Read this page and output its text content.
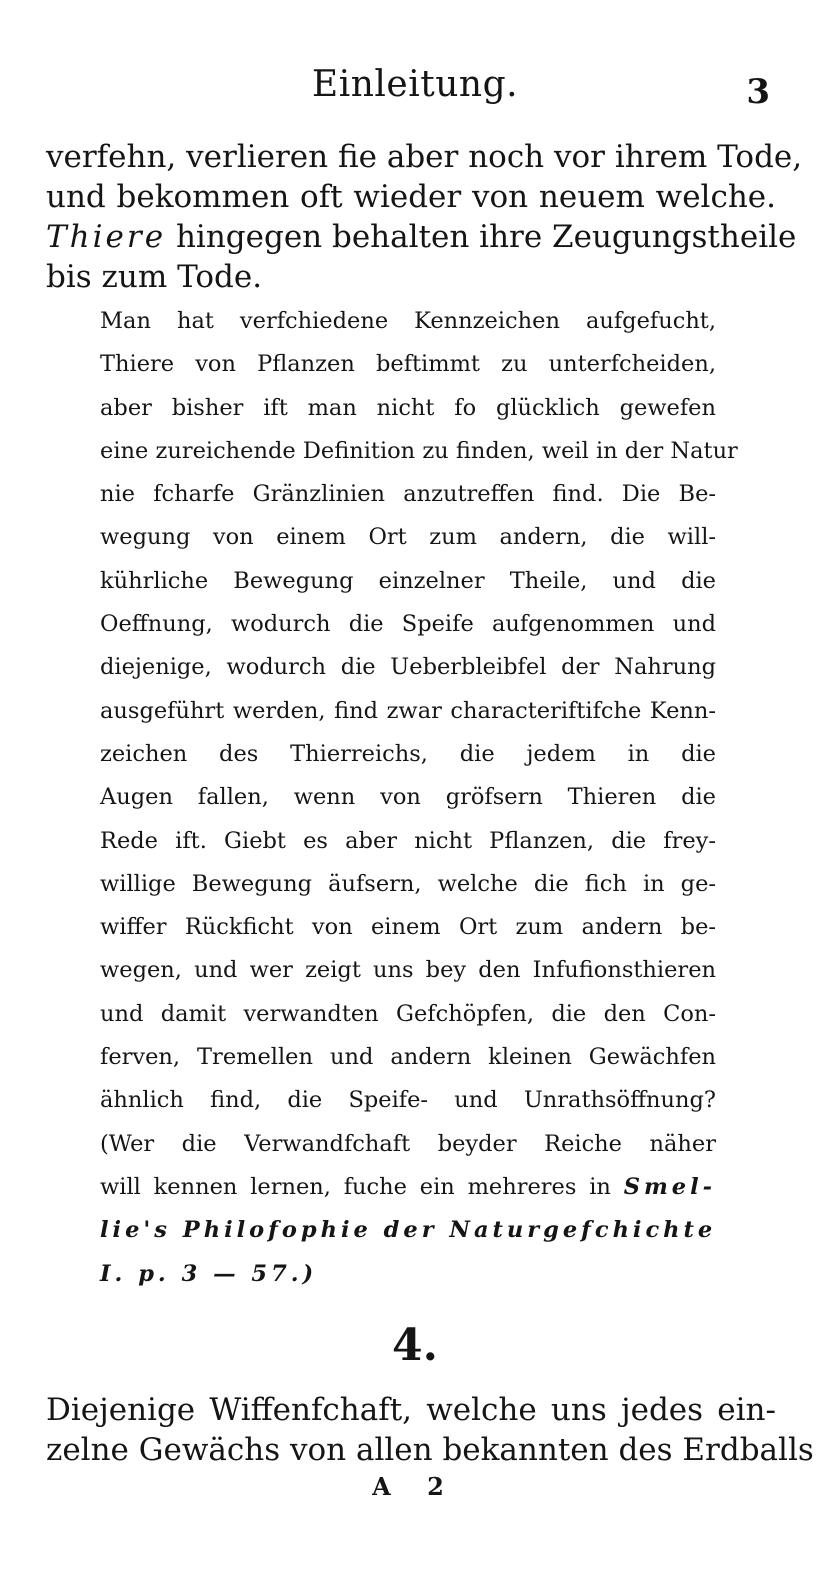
Einleitung.	3
verfehn, verlieren fie aber noch vor ihrem Tode,
und bekommen oft wieder von neuem welche.
Thiere hingegen behalten ihre Zeugungstheile
bis zum Tode.
Man hat verfchiedene Kennzeichen aufgefucht,
Thiere von Pflanzen beftimmt zu unterfcheiden,
aber bisher ift man nicht fo glücklich gewefen
eine zureichende Definition zu finden, weil in der Natur
nie fcharfe Gränzlinien anzutreffen find. Die Be-
wegung von einem Ort zum andern, die will-
kührliche Bewegung einzelner Theile, und die
Oeffnung, wodurch die Speife aufgenommen und
diejenige, wodurch die Ueberbleibfel der Nahrung
ausgeführt werden, find zwar characteriftifche Kenn-
zeichen des Thierreichs, die jedem in die
Augen fallen, wenn von gröfsern Thieren die
Rede ift. Giebt es aber nicht Pflanzen, die frey-
willige Bewegung äufsern, welche die fich in ge-
wiffer Rückficht von einem Ort zum andern be-
wegen, und wer zeigt uns bey den Infufionsthieren
und damit verwandten Gefchöpfen, die den Con-
ferven, Tremellen und andern kleinen Gewächfen
ähnlich find, die Speife- und Unrathsöffnung?
(Wer die Verwandfchaft beyder Reiche näher
will kennen lernen, fuche ein mehreres in Smel-
lie's Philofophie der Naturgefchichte
I. p. 3 — 57.)
4.
Diejenige Wiffenfchaft, welche uns jedes ein-
zelne Gewächs von allen bekannten des Erdballs
A 2
